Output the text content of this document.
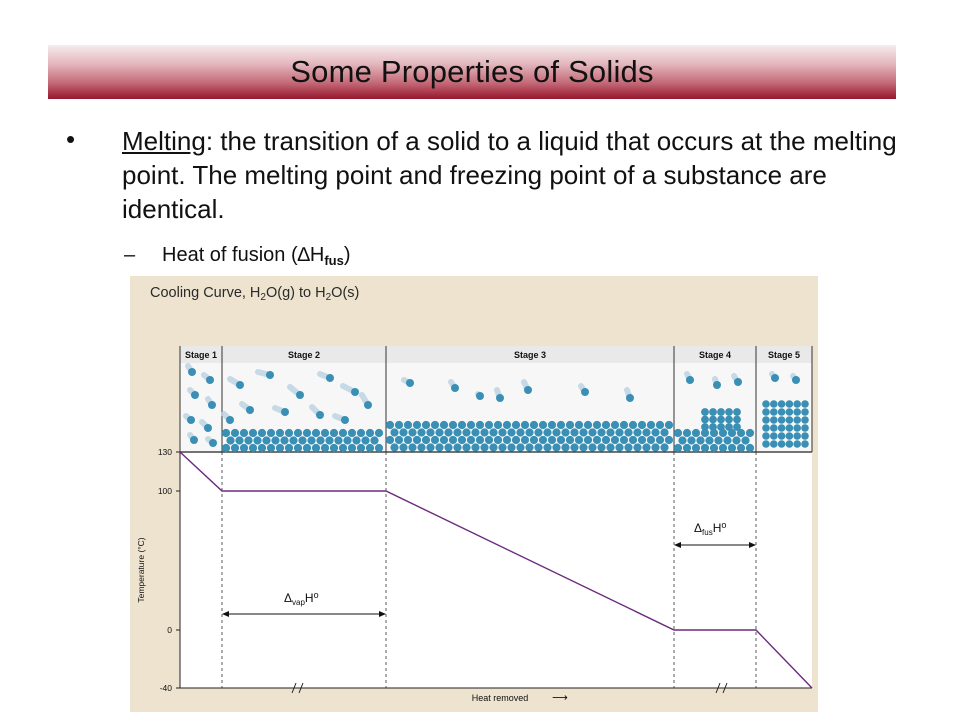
Some Properties of Solids
• Melting: the transition of a solid to a liquid that occurs at the melting point. The melting point and freezing point of a substance are identical.
– Heat of fusion $(\Delta H_{fus})$
Cooling Curve, $H_2O(g)$ to $H_2O(s)$
Stage 1	Stage 2	Stage 3	Stage 4	Stage 5
130
100
0
-40
Temperature (°C)
Heat removed ⟶
$\Delta_{vap}H^o$
$\Delta_{fus}H^o$
